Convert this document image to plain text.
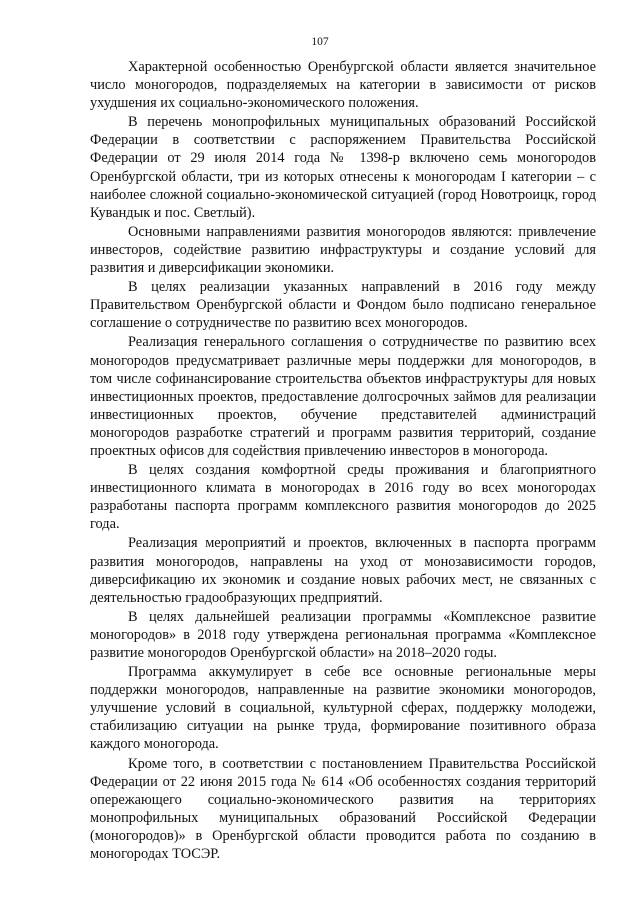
107

Характерной особенностью Оренбургской области является значительное число моногородов, подразделяемых на категории в зависимости от рисков ухудшения их социально-экономического положения.

В перечень монопрофильных муниципальных образований Российской Федерации в соответствии с распоряжением Правительства Российской Федерации от 29 июля 2014 года № 1398-р включено семь моногородов Оренбургской области, три из которых отнесены к моногородам I категории – с наиболее сложной социально-экономической ситуацией (город Новотроицк, город Кувандык и пос. Светлый).

Основными направлениями развития моногородов являются: привлечение инвесторов, содействие развитию инфраструктуры и создание условий для развития и диверсификации экономики.

В целях реализации указанных направлений в 2016 году между Правительством Оренбургской области и Фондом было подписано генеральное соглашение о сотрудничестве по развитию всех моногородов.

Реализация генерального соглашения о сотрудничестве по развитию всех моногородов предусматривает различные меры поддержки для моногородов, в том числе софинансирование строительства объектов инфраструктуры для новых инвестиционных проектов, предоставление долгосрочных займов для реализации инвестиционных проектов, обучение представителей администраций моногородов разработке стратегий и программ развития территорий, создание проектных офисов для содействия привлечению инвесторов в моногорода.

В целях создания комфортной среды проживания и благоприятного инвестиционного климата в моногородах в 2016 году во всех моногородах разработаны паспорта программ комплексного развития моногородов до 2025 года.

Реализация мероприятий и проектов, включенных в паспорта программ развития моногородов, направлены на уход от монозависимости городов, диверсификацию их экономик и создание новых рабочих мест, не связанных с деятельностью градообразующих предприятий.

В целях дальнейшей реализации программы «Комплексное развитие моногородов» в 2018 году утверждена региональная программа «Комплексное развитие моногородов Оренбургской области» на 2018–2020 годы.

Программа аккумулирует в себе все основные региональные меры поддержки моногородов, направленные на развитие экономики моногородов, улучшение условий в социальной, культурной сферах, поддержку молодежи, стабилизацию ситуации на рынке труда, формирование позитивного образа каждого моногорода.

Кроме того, в соответствии с постановлением Правительства Российской Федерации от 22 июня 2015 года № 614 «Об особенностях создания территорий опережающего социально-экономического развития на территориях монопрофильных муниципальных образований Российской Федерации (моногородов)» в Оренбургской области проводится работа по созданию в моногородах ТОСЭР.
